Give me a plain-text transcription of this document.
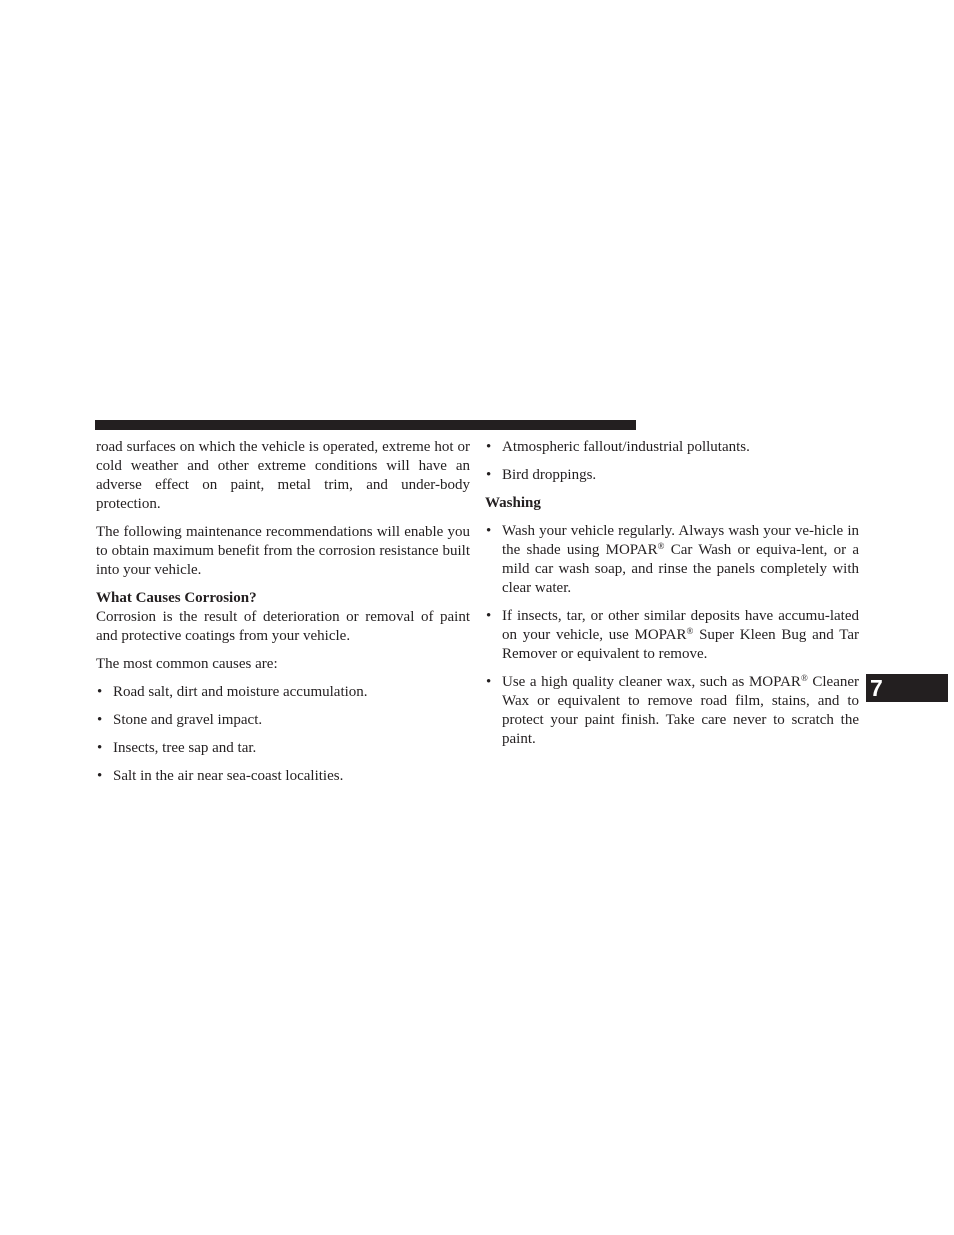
road surfaces on which the vehicle is operated, extreme hot or cold weather and other extreme conditions will have an adverse effect on paint, metal trim, and under-body protection.

The following maintenance recommendations will enable you to obtain maximum benefit from the corrosion resistance built into your vehicle.

What Causes Corrosion?

Corrosion is the result of deterioration or removal of paint and protective coatings from your vehicle.

The most common causes are:

• Road salt, dirt and moisture accumulation.
• Stone and gravel impact.
• Insects, tree sap and tar.
• Salt in the air near sea-coast localities.
• Atmospheric fallout/industrial pollutants.
• Bird droppings.
Washing
• Wash your vehicle regularly. Always wash your ve-hicle in the shade using MOPAR® Car Wash or equiva-lent, or a mild car wash soap, and rinse the panels completely with clear water.
• If insects, tar, or other similar deposits have accumu-lated on your vehicle, use MOPAR® Super Kleen Bug and Tar Remover or equivalent to remove.
• Use a high quality cleaner wax, such as MOPAR® Cleaner Wax or equivalent to remove road film, stains, and to protect your paint finish. Take care never to scratch the paint.
7
